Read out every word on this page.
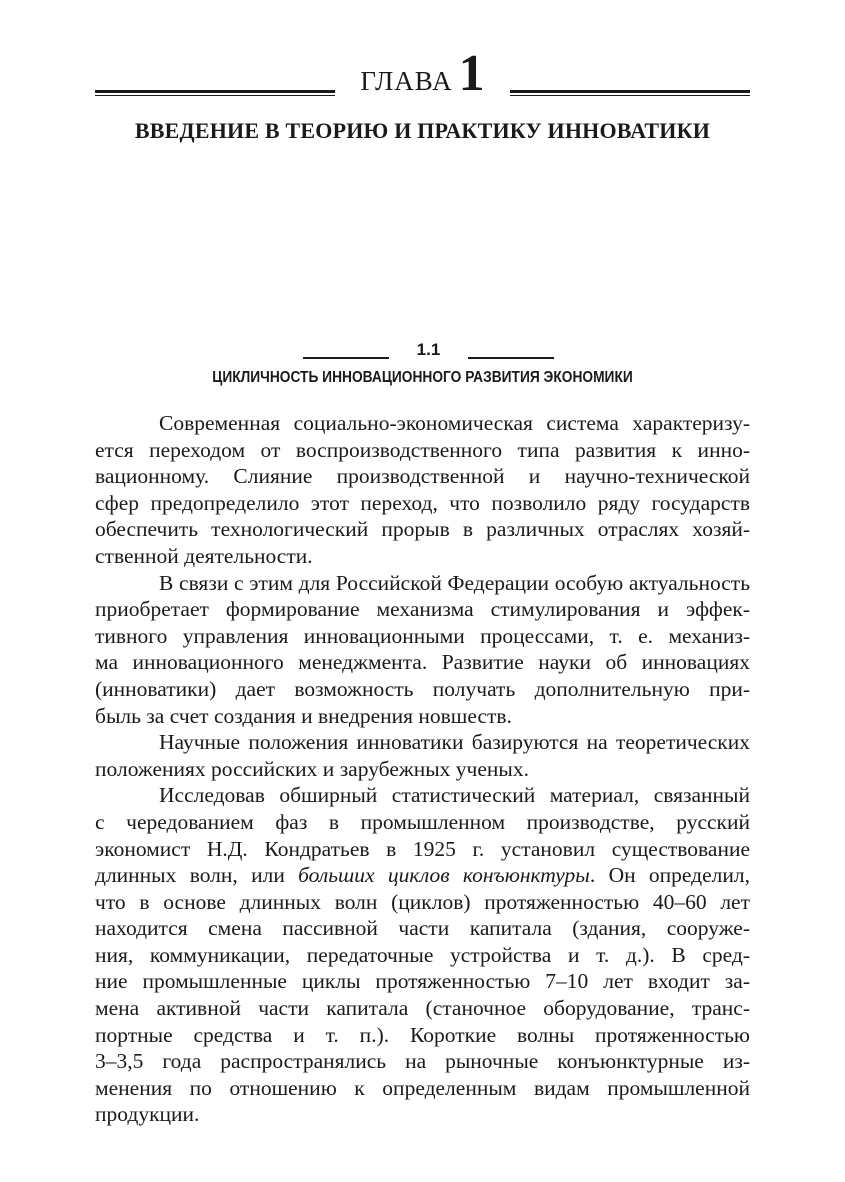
ГЛАВА 1
ВВЕДЕНИЕ В ТЕОРИЮ И ПРАКТИКУ ИННОВАТИКИ
1.1
ЦИКЛИЧНОСТЬ ИННОВАЦИОННОГО РАЗВИТИЯ ЭКОНОМИКИ

Современная социально-экономическая система характеризу-
ется переходом от воспроизводственного типа развития к инно-
вационному. Слияние производственной и научно-технической
сфер предопределило этот переход, что позволило ряду государств
обеспечить технологический прорыв в различных отраслях хозяй-
ственной деятельности.

В связи с этим для Российской Федерации особую актуальность
приобретает формирование механизма стимулирования и эффек-
тивного управления инновационными процессами, т. е. механиз-
ма инновационного менеджмента. Развитие науки об инновациях
(инноватики) дает возможность получать дополнительную при-
быль за счет создания и внедрения новшеств.

Научные положения инноватики базируются на теоретических
положениях российских и зарубежных ученых.

Исследовав обширный статистический материал, связанный
с чередованием фаз в промышленном производстве, русский
экономист Н.Д. Кондратьев в 1925 г. установил существование
длинных волн, или больших циклов конъюнктуры. Он определил,
что в основе длинных волн (циклов) протяженностью 40–60 лет
находится смена пассивной части капитала (здания, сооруже-
ния, коммуникации, передаточные устройства и т. д.). В сред-
ние промышленные циклы протяженностью 7–10 лет входит за-
мена активной части капитала (станочное оборудование, транс-
портные средства и т. п.). Короткие волны протяженностью
3–3,5 года распространялись на рыночные конъюнктурные из-
менения по отношению к определенным видам промышленной
продукции.
